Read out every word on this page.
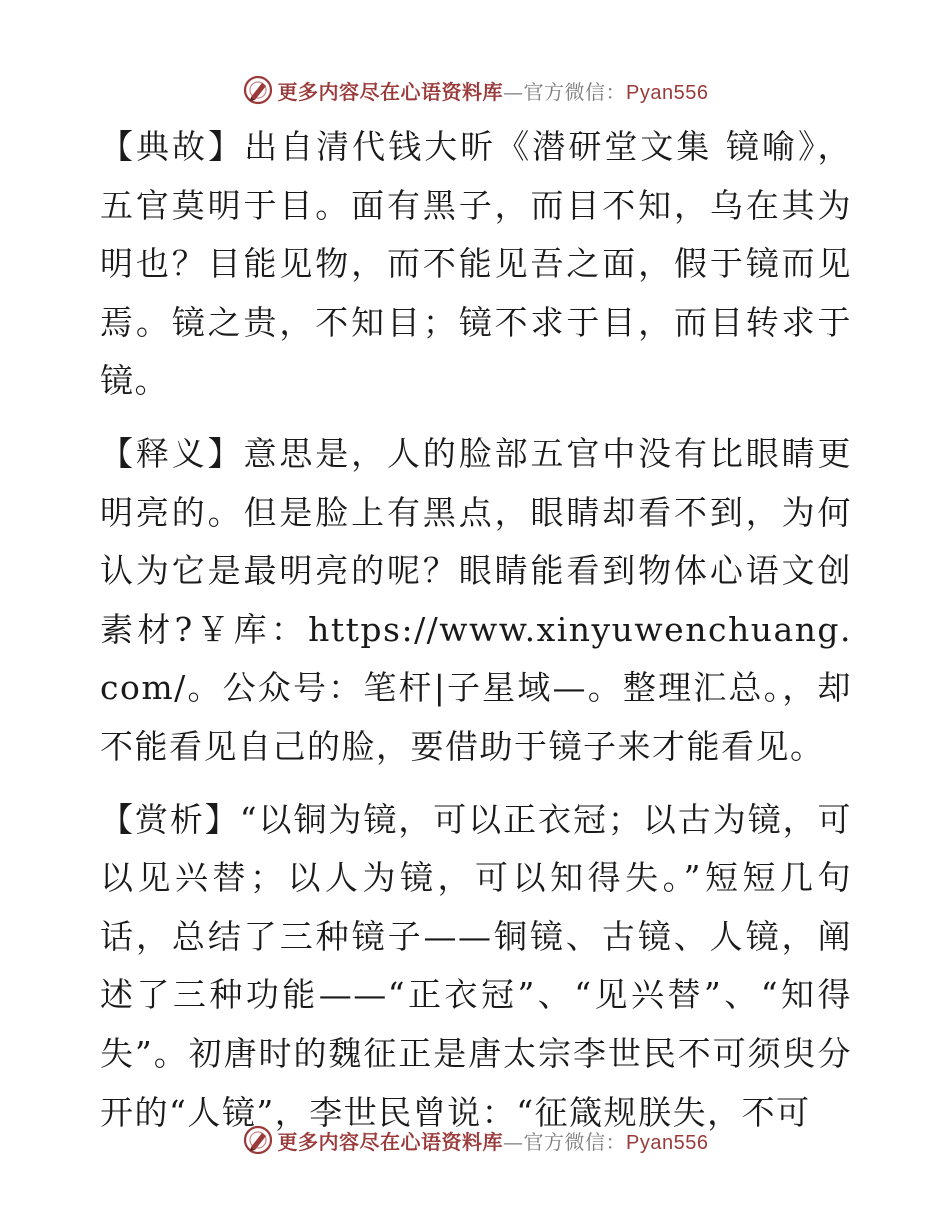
更多内容尽在心语资料库—官方微信：Pyan556

【典故】出自清代钱大昕《潜研堂文集 镜喻》，五官莫明于目。面有黑子，而目不知，乌在其为明也？目能见物，而不能见吾之面，假于镜而见焉。镜之贵，不知目；镜不求于目，而目转求于镜。

【释义】意思是，人的脸部五官中没有比眼睛更明亮的。但是脸上有黑点，眼睛却看不到，为何认为它是最明亮的呢？眼睛能看到物体心语文创素材?￥库：https://www.xinyuwenchuang.com/。公众号：笔杆|子星域—。整理汇总。，却不能看见自己的脸，要借助于镜子来才能看见。

【赏析】“以铜为镜，可以正衣冠；以古为镜，可以见兴替；以人为镜，可以知得失。”短短几句话，总结了三种镜子——铜镜、古镜、人镜，阐述了三种功能——“正衣冠”、“见兴替”、“知得失”。初唐时的魏征正是唐太宗李世民不可须臾分开的“人镜”，李世民曾说：“征箴规朕失，不可

更多内容尽在心语资料库—官方微信：Pyan556
